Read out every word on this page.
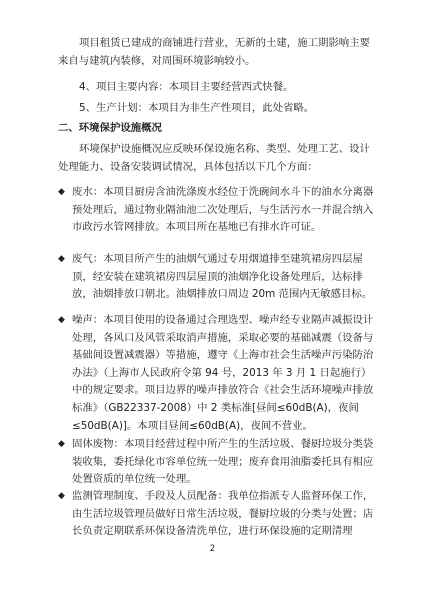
项目租赁已建成的商铺进行营业，无新的土建，施工期影响主要来自与建筑内装修，对周围环境影响较小。

4、项目主要内容：本项目主要经营西式快餐。

5、生产计划：本项目为非生产性项目，此处省略。

二、环境保护设施概况

环境保护设施概况应反映环保设施名称、类型、处理工艺、设计处理能力、设备安装调试情况，具体包括以下几个方面：

◆ 废水：本项目厨房含油洗涤废水经位于洗碗间水斗下的油水分离器预处理后，通过物业隔油池二次处理后，与生活污水一并混合纳入市政污水管网排放。本项目所在基地已有排水许可证。
◆ 废气：本项目所产生的油烟气通过专用烟道排至建筑裙房四层屋顶，经安装在建筑裙房四层屋顶的油烟净化设备处理后，达标排放，油烟排放口朝北。油烟排放口周边 20m 范围内无敏感目标。
◆ 噪声：本项目使用的设备通过合理选型、噪声经专业隔声减振设计处理，各风口及风管采取消声措施，采取必要的基础减震（设备与基础间设置减震器）等措施，遵守《上海市社会生活噪声污染防治办法》（上海市人民政府令第 94 号，2013 年 3 月 1 日起施行）中的规定要求。项目边界的噪声排放符合《社会生活环境噪声排放标准》（GB22337-2008）中 2 类标准[昼间≤60dB(A)，夜间≤50dB(A)]。本项目昼间≤60dB(A)，夜间不营业。
◆ 固体废物：本项目经营过程中所产生的生活垃圾、餐厨垃圾分类袋装收集，委托绿化市容单位统一处理；废弃食用油脂委托具有相应处置资质的单位统一处理。
◆ 监测管理制度、手段及人员配备：我单位指派专人监督环保工作，由生活垃圾管理员做好日常生活垃圾，餐厨垃圾的分类与处置；店长负责定期联系环保设备清洗单位，进行环保设施的定期清理
2
